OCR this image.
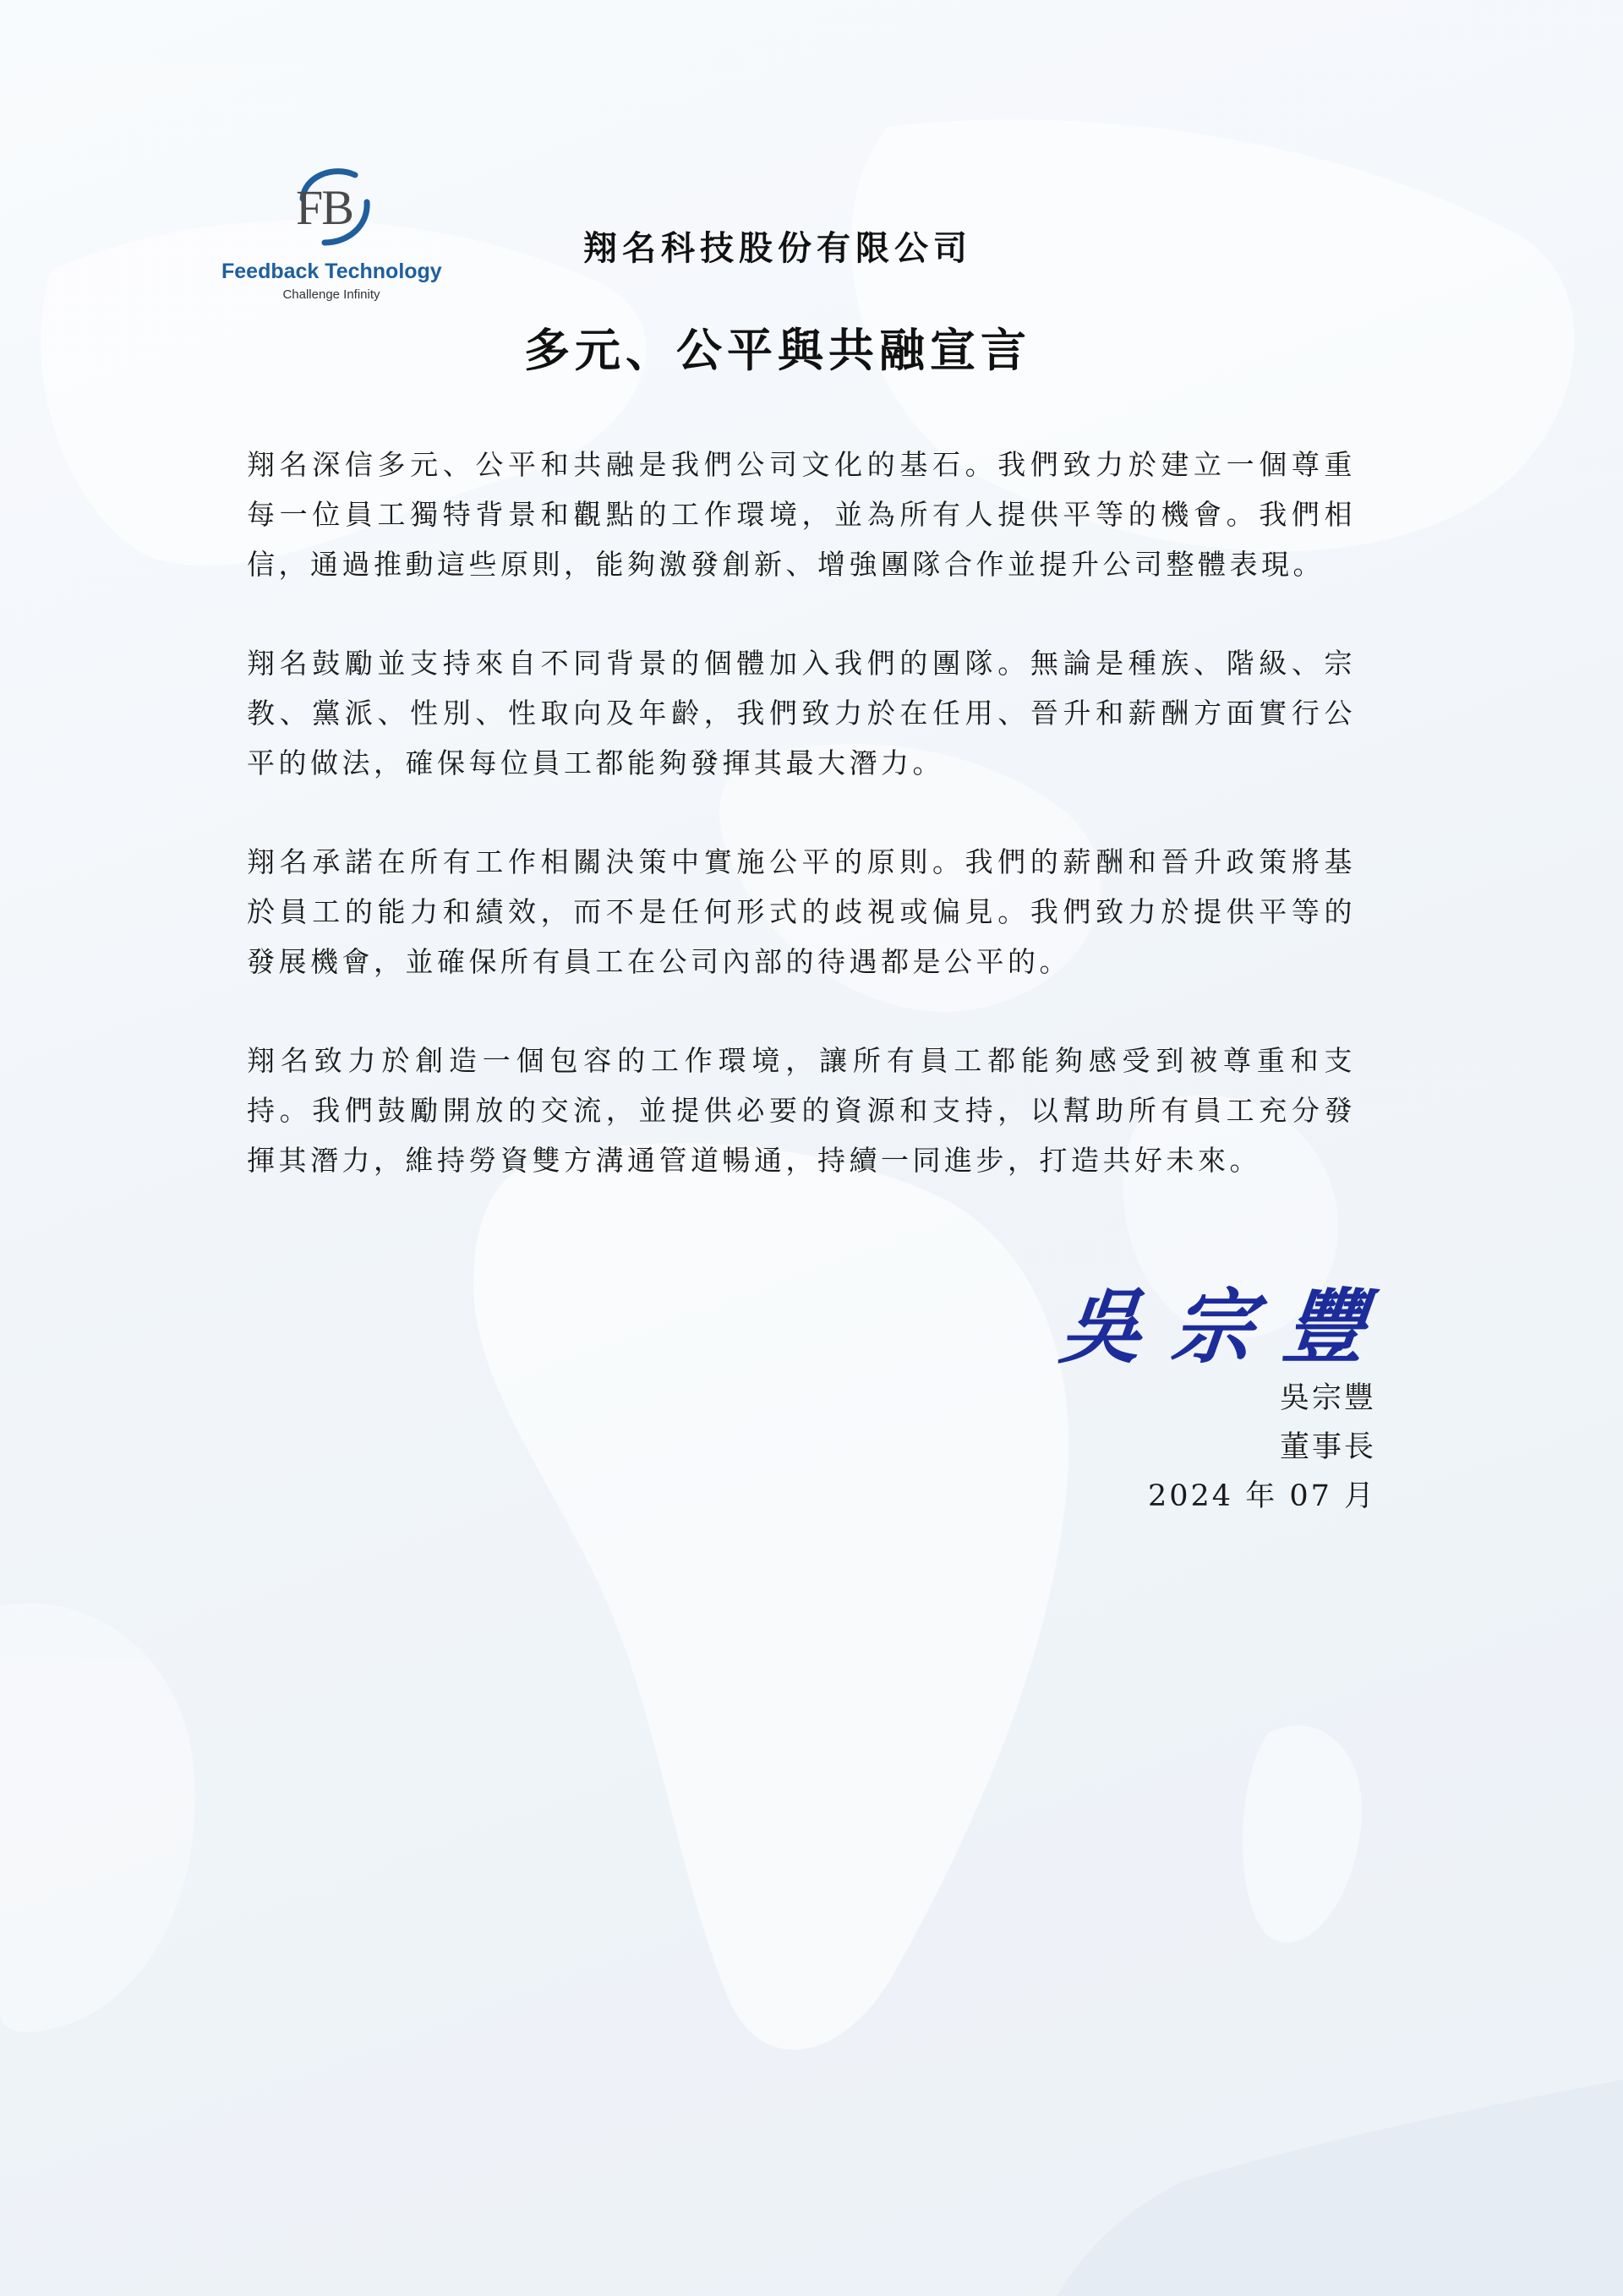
FB
Feedback Technology
Challenge Infinity
翔名科技股份有限公司
多元、公平與共融宣言

翔名深信多元、公平和共融是我們公司文化的基石。我們致力於建立一個尊重每一位員工獨特背景和觀點的工作環境，並為所有人提供平等的機會。我們相信，通過推動這些原則，能夠激發創新、增強團隊合作並提升公司整體表現。

翔名鼓勵並支持來自不同背景的個體加入我們的團隊。無論是種族、階級、宗教、黨派、性別、性取向及年齡，我們致力於在任用、晉升和薪酬方面實行公平的做法，確保每位員工都能夠發揮其最大潛力。

翔名承諾在所有工作相關決策中實施公平的原則。我們的薪酬和晉升政策將基於員工的能力和績效，而不是任何形式的歧視或偏見。我們致力於提供平等的發展機會，並確保所有員工在公司內部的待遇都是公平的。

翔名致力於創造一個包容的工作環境，讓所有員工都能夠感受到被尊重和支持。我們鼓勵開放的交流，並提供必要的資源和支持，以幫助所有員工充分發揮其潛力，維持勞資雙方溝通管道暢通，持續一同進步，打造共好未來。

吳宗豐
吳宗豐
董事長
2024 年 07 月
